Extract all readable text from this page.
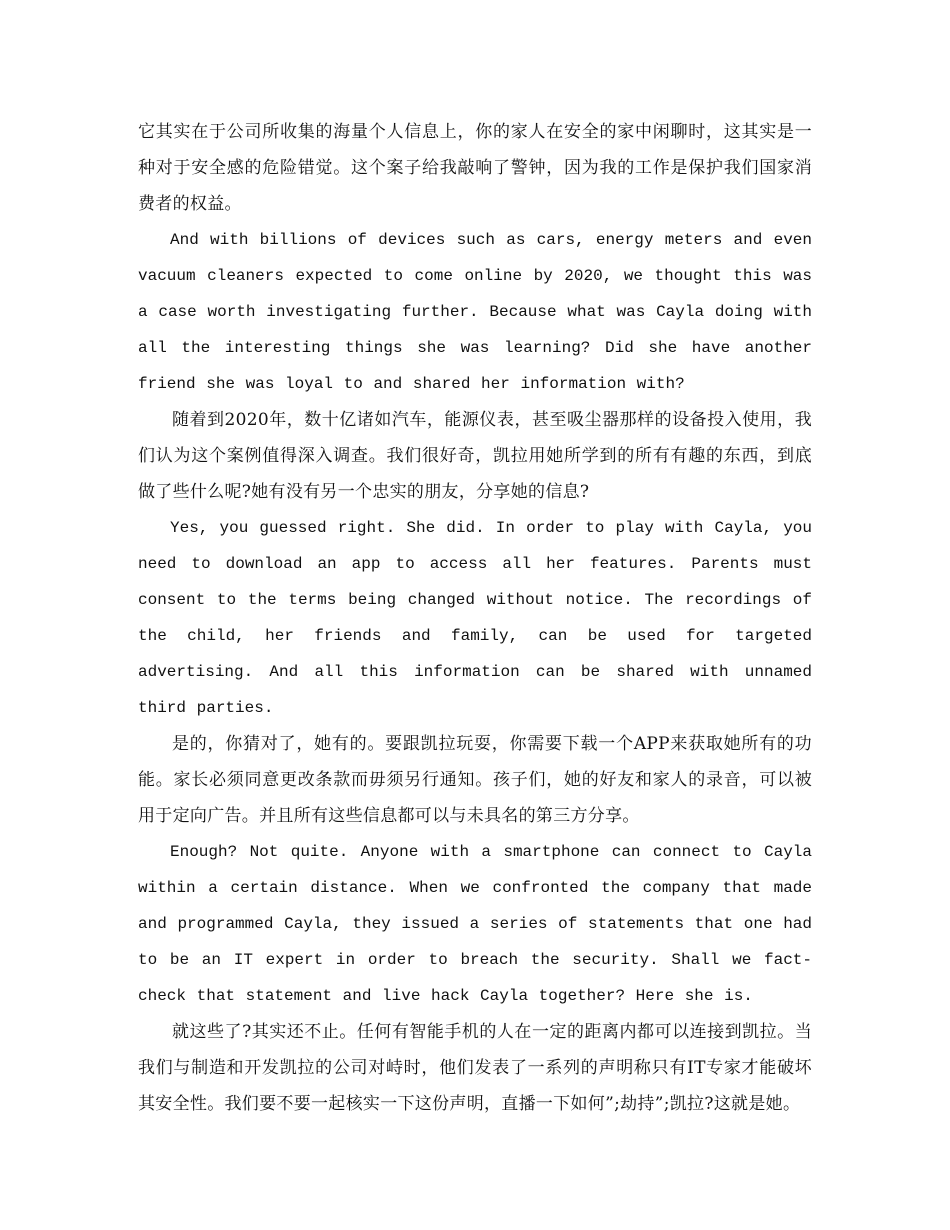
它其实在于公司所收集的海量个人信息上，你的家人在安全的家中闲聊时，这其实是一种对于安全感的危险错觉。这个案子给我敲响了警钟，因为我的工作是保护我们国家消费者的权益。

And with billions of devices such as cars, energy meters and even vacuum cleaners expected to come online by 2020, we thought this was a case worth investigating further. Because what was Cayla doing with all the interesting things she was learning? Did she have another friend she was loyal to and shared her information with?

随着到2020年，数十亿诸如汽车，能源仪表，甚至吸尘器那样的设备投入使用，我们认为这个案例值得深入调查。我们很好奇，凯拉用她所学到的所有有趣的东西，到底做了些什么呢?她有没有另一个忠实的朋友，分享她的信息?

Yes, you guessed right. She did. In order to play with Cayla, you need to download an app to access all her features. Parents must consent to the terms being changed without notice. The recordings of the child, her friends and family, can be used for targeted advertising. And all this information can be shared with unnamed third parties.

是的，你猜对了，她有的。要跟凯拉玩耍，你需要下载一个APP来获取她所有的功能。家长必须同意更改条款而毋须另行通知。孩子们，她的好友和家人的录音，可以被用于定向广告。并且所有这些信息都可以与未具名的第三方分享。

Enough? Not quite. Anyone with a smartphone can connect to Cayla within a certain distance. When we confronted the company that made and programmed Cayla, they issued a series of statements that one had to be an IT expert in order to breach the security. Shall we fact-check that statement and live hack Cayla together? Here she is.

就这些了?其实还不止。任何有智能手机的人在一定的距离内都可以连接到凯拉。当我们与制造和开发凯拉的公司对峙时，他们发表了一系列的声明称只有IT专家才能破坏其安全性。我们要不要一起核实一下这份声明，直播一下如何”;劫持”;凯拉?这就是她。
